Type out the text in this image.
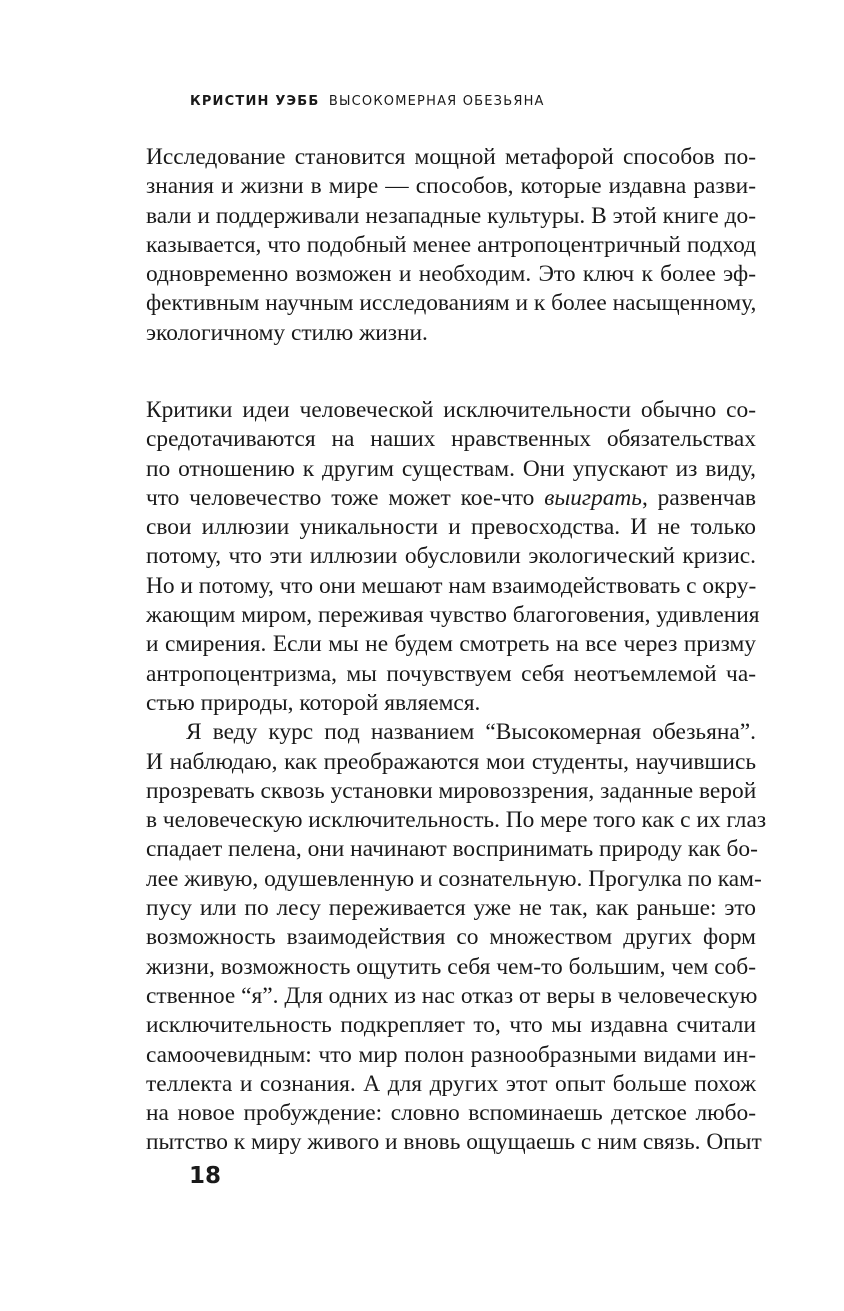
КРИСТИН УЭББ ВЫСОКОМЕРНАЯ ОБЕЗЬЯНА
Исследование становится мощной метафорой способов по-
знания и жизни в мире — способов, которые издавна разви-
вали и поддерживали незападные культуры. В этой книге до-
казывается, что подобный менее антропоцентричный подход
одновременно возможен и необходим. Это ключ к более эф-
фективным научным исследованиям и к более насыщенному,
экологичному стилю жизни.
Критики идеи человеческой исключительности обычно со-
средотачиваются на наших нравственных обязательствах
по отношению к другим существам. Они упускают из виду,
что человечество тоже может кое-что выиграть, развенчав
свои иллюзии уникальности и превосходства. И не только
потому, что эти иллюзии обусловили экологический кризис.
Но и потому, что они мешают нам взаимодействовать с окру-
жающим миром, переживая чувство благоговения, удивления
и смирения. Если мы не будем смотреть на все через призму
антропоцентризма, мы почувствуем себя неотъемлемой ча-
стью природы, которой являемся.
Я веду курс под названием “Высокомерная обезьяна”.
И наблюдаю, как преображаются мои студенты, научившись
прозревать сквозь установки мировоззрения, заданные верой
в человеческую исключительность. По мере того как с их глаз
спадает пелена, они начинают воспринимать природу как бо-
лее живую, одушевленную и сознательную. Прогулка по кам-
пусу или по лесу переживается уже не так, как раньше: это
возможность взаимодействия со множеством других форм
жизни, возможность ощутить себя чем-то большим, чем соб-
ственное “я”. Для одних из нас отказ от веры в человеческую
исключительность подкрепляет то, что мы издавна считали
самоочевидным: что мир полон разнообразными видами ин-
теллекта и сознания. А для других этот опыт больше похож
на новое пробуждение: словно вспоминаешь детское любо-
пытство к миру живого и вновь ощущаешь с ним связь. Опыт
18
